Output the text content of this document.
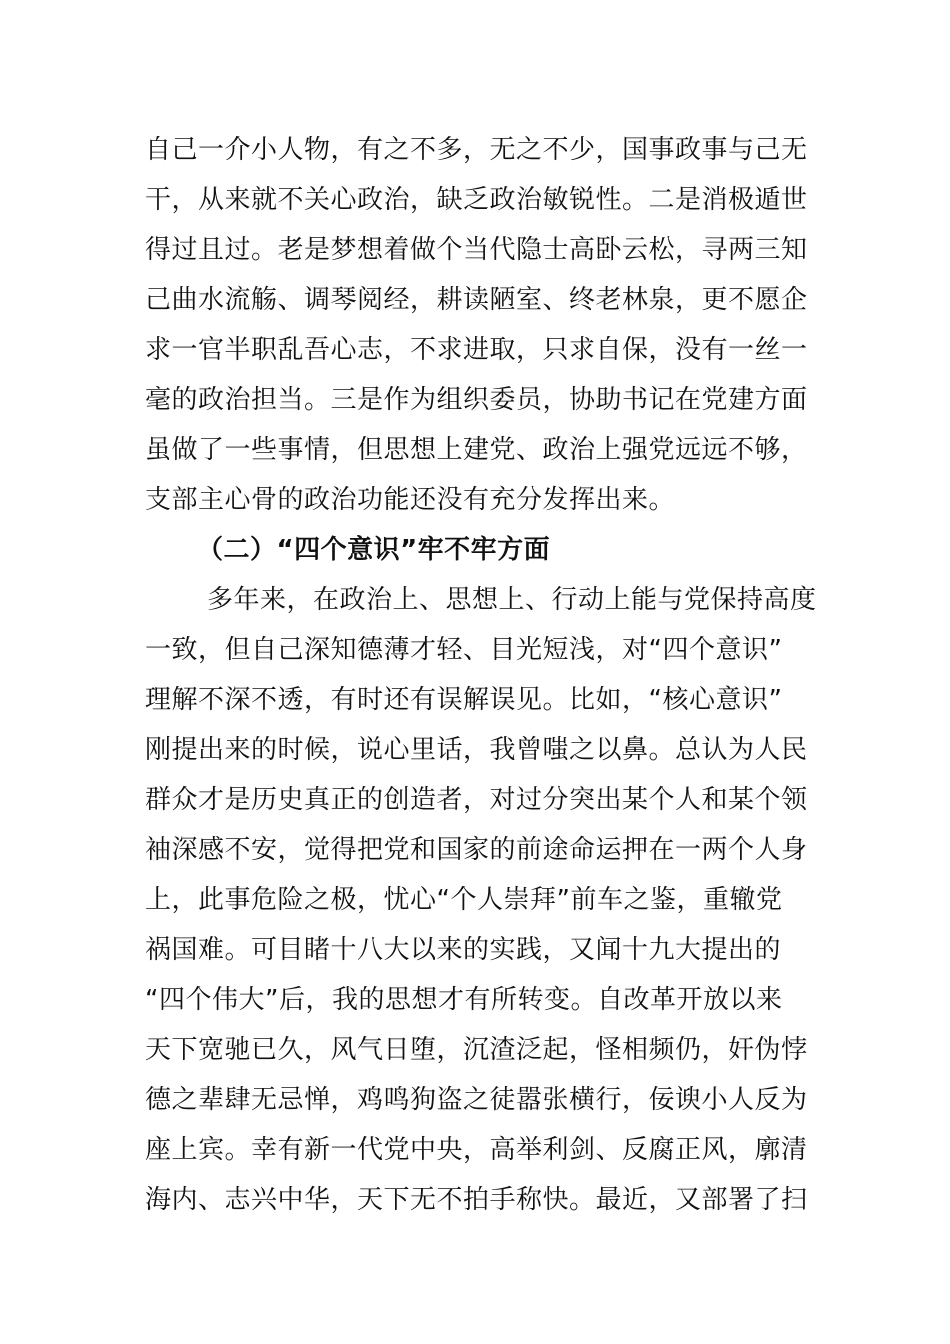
自己一介小人物，有之不多，无之不少，国事政事与己无
干，从来就不关心政治，缺乏政治敏锐性。二是消极遁世
得过且过。老是梦想着做个当代隐士高卧云松，寻两三知
己曲水流觞、调琴阅经，耕读陋室、终老林泉，更不愿企
求一官半职乱吾心志，不求进取，只求自保，没有一丝一
毫的政治担当。三是作为组织委员，协助书记在党建方面
虽做了一些事情，但思想上建党、政治上强党远远不够，
支部主心骨的政治功能还没有充分发挥出来。
（二）“四个意识”牢不牢方面
多年来，在政治上、思想上、行动上能与党保持高度
一致，但自己深知德薄才轻、目光短浅，对“四个意识”
理解不深不透，有时还有误解误见。比如，“核心意识”
刚提出来的时候，说心里话，我曾嗤之以鼻。总认为人民
群众才是历史真正的创造者，对过分突出某个人和某个领
袖深感不安，觉得把党和国家的前途命运押在一两个人身
上，此事危险之极，忧心“个人崇拜”前车之鉴，重辙党
祸国难。可目睹十八大以来的实践，又闻十九大提出的
“四个伟大”后，我的思想才有所转变。自改革开放以来
天下宽驰已久，风气日堕，沉渣泛起，怪相频仍，奸伪悖
德之辈肆无忌惮，鸡鸣狗盗之徒嚣张横行，佞谀小人反为
座上宾。幸有新一代党中央，高举利剑、反腐正风，廓清
海内、志兴中华，天下无不拍手称快。最近，又部署了扫
